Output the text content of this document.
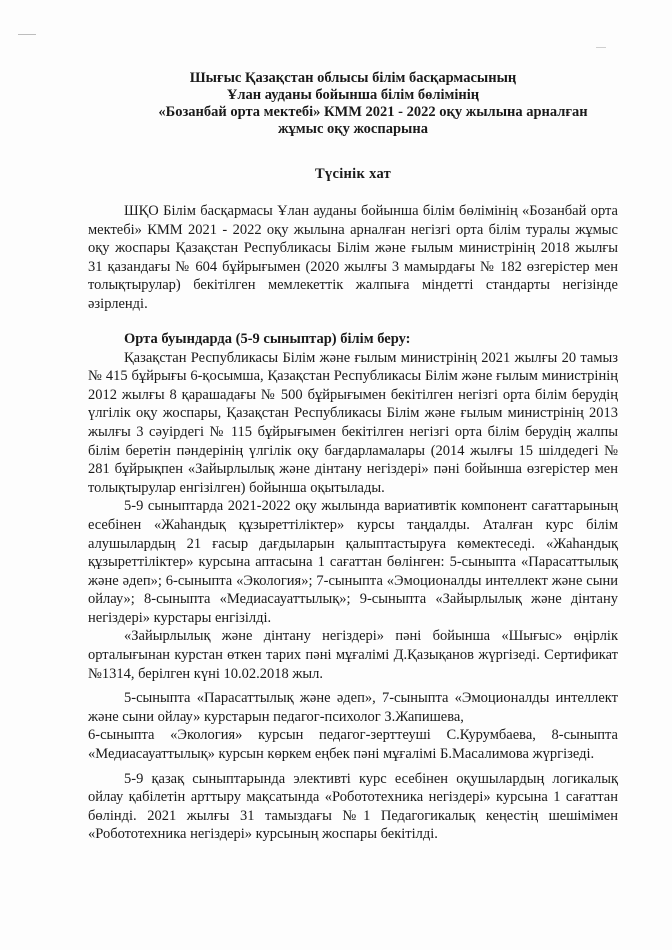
Шығыс Қазақстан облысы білім басқармасының

Ұлан ауданы бойынша білім бөлімінің

«Бозанбай орта мектебі» КММ 2021 - 2022 оқу жылына арналған

жұмыс оқу жоспарына

Түсінік хат

ШҚО Білім басқармасы Ұлан ауданы бойынша білім бөлімінің «Бозанбай орта мектебі» КММ 2021 - 2022 оқу жылына арналған негізгі орта білім туралы жұмыс оқу жоспары Қазақстан Республикасы Білім және ғылым министрінің 2018 жылғы 31 қазандағы № 604 бұйрығымен (2020 жылғы 3 мамырдағы № 182 өзгерістер мен толықтырулар) бекітілген мемлекеттік жалпыға міндетті стандарты негізінде әзірленді.

Орта буындарда (5-9 сыныптар) білім беру:

Қазақстан Республикасы Білім және ғылым министрінің 2021 жылғы 20 тамыз № 415 бұйрығы 6-қосымша, Қазақстан Республикасы Білім және ғылым министрінің 2012 жылғы 8 қарашадағы № 500 бұйрығымен бекітілген негізгі орта білім берудің үлгілік оқу жоспары, Қазақстан Республикасы Білім және ғылым министрінің 2013 жылғы 3 сәуірдегі № 115 бұйрығымен бекітілген негізгі орта білім берудің жалпы білім беретін пәндерінің үлгілік оқу бағдарламалары (2014 жылғы 15 шілдедегі № 281 бұйрықпен «Зайырлылық және дінтану негіздері» пәні бойынша өзгерістер мен толықтырулар енгізілген) бойынша оқытылады.

5-9 сыныптарда 2021-2022 оқу жылында вариативтік компонент сағаттарының есебінен «Жаһандық құзыреттіліктер» курсы таңдалды. Аталған курс білім алушылардың 21 ғасыр дағдыларын қалыптастыруға көмектеседі. «Жаһандық құзыреттіліктер» курсына аптасына 1 сағаттан бөлінген: 5-сыныпта «Парасаттылық және әдеп»; 6-сыныпта «Экология»; 7-сыныпта «Эмоционалды интеллект және сыни ойлау»; 8-сыныпта «Медиасауаттылық»; 9-сыныпта «Зайырлылық және дінтану негіздері» курстары енгізілді.

«Зайырлылық және дінтану негіздері» пәні бойынша «Шығыс» өңірлік орталығынан курстан өткен тарих пәні мұғалімі Д.Қазықанов жүргізеді. Сертификат №1314, берілген күні 10.02.2018 жыл.

5-сыныпта «Парасаттылық және әдеп», 7-сыныпта «Эмоционалды интеллект және сыни ойлау» курстарын педагог-психолог З.Жапишева,

6-сыныпта «Экология» курсын педагог-зерттеуші С.Курумбаева, 8-сыныпта «Медиасауаттылық» курсын көркем еңбек пәні мұғалімі Б.Масалимова жүргізеді.

5-9 қазақ сыныптарында элективті курс есебінен оқушылардың логикалық ойлау қабілетін арттыру мақсатында «Робототехника негіздері» курсына 1 сағаттан бөлінді. 2021 жылғы 31 тамыздағы №1 Педагогикалық кеңестің шешімімен «Робототехника негіздері» курсының жоспары бекітілді.
